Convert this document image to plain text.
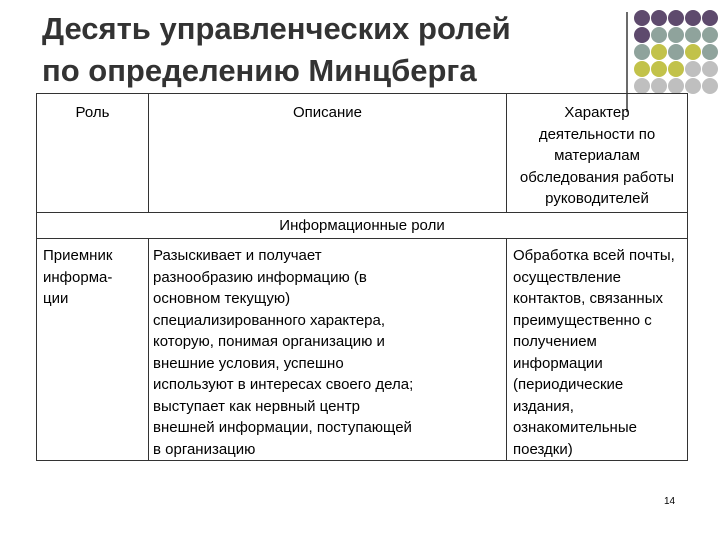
Десять управленческих ролей
по определению Минцберга
Роль	Описание	Характер
деятельности по
материалам
обследования работы
руководителей
Информационные роли
Приемник
информа-
ции
Разыскивает и получает
разнообразию информацию (в
основном текущую)
специализированного характера,
которую, понимая организацию и
внешние условия, успешно
используют в интересах своего дела;
выступает как нервный центр
внешней информации, поступающей
в организацию
Обработка всей почты,
осуществление
контактов, связанных
преимущественно с
получением
информации
(периодические
издания,
ознакомительные
поездки)
14
